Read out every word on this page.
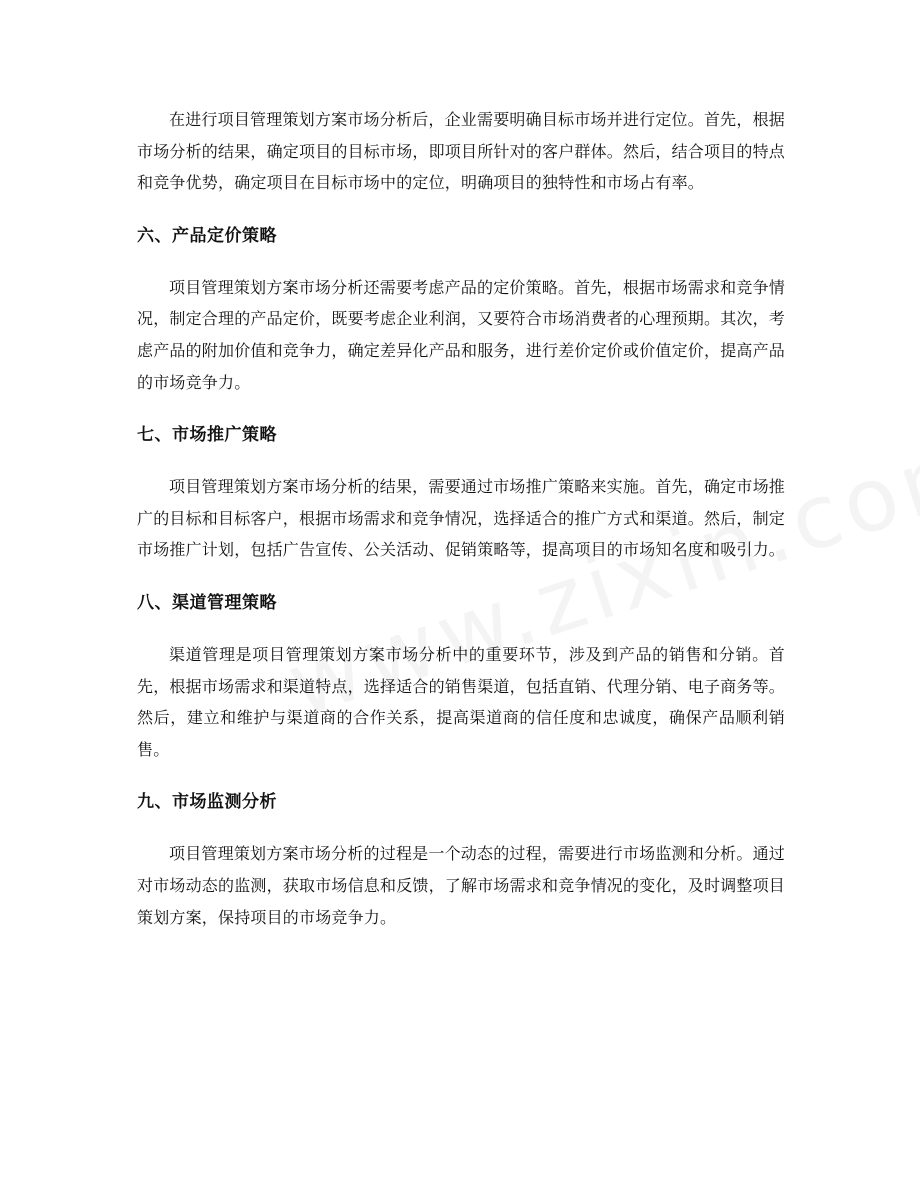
在进行项目管理策划方案市场分析后，企业需要明确目标市场并进行定位。首先，根据市场分析的结果，确定项目的目标市场，即项目所针对的客户群体。然后，结合项目的特点和竞争优势，确定项目在目标市场中的定位，明确项目的独特性和市场占有率。

六、产品定价策略

项目管理策划方案市场分析还需要考虑产品的定价策略。首先，根据市场需求和竞争情况，制定合理的产品定价，既要考虑企业利润，又要符合市场消费者的心理预期。其次，考虑产品的附加价值和竞争力，确定差异化产品和服务，进行差价定价或价值定价，提高产品的市场竞争力。

七、市场推广策略

项目管理策划方案市场分析的结果，需要通过市场推广策略来实施。首先，确定市场推广的目标和目标客户，根据市场需求和竞争情况，选择适合的推广方式和渠道。然后，制定市场推广计划，包括广告宣传、公关活动、促销策略等，提高项目的市场知名度和吸引力。

八、渠道管理策略

渠道管理是项目管理策划方案市场分析中的重要环节，涉及到产品的销售和分销。首先，根据市场需求和渠道特点，选择适合的销售渠道，包括直销、代理分销、电子商务等。然后，建立和维护与渠道商的合作关系，提高渠道商的信任度和忠诚度，确保产品顺利销售。

九、市场监测分析

项目管理策划方案市场分析的过程是一个动态的过程，需要进行市场监测和分析。通过对市场动态的监测，获取市场信息和反馈，了解市场需求和竞争情况的变化，及时调整项目策划方案，保持项目的市场竞争力。
